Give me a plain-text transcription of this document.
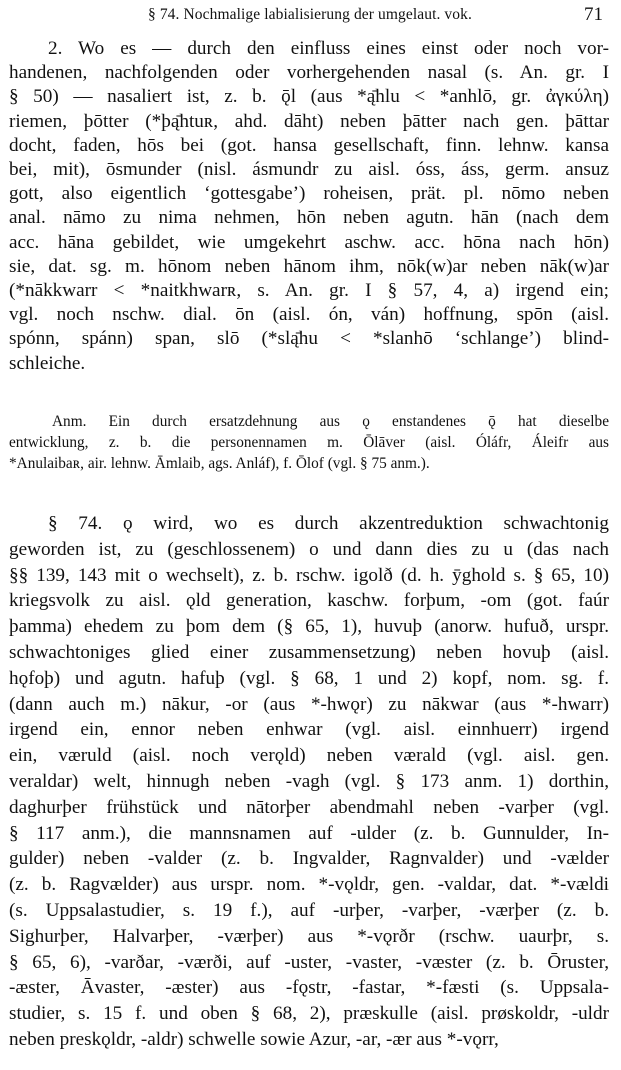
§ 74. Nochmalige labialisierung der umgelaut. vok.	71
2. Wo es — durch den einfluss eines einst oder noch vor-
handenen, nachfolgenden oder vorhergehenden nasal (s. An. gr. I
§ 50) — nasaliert ist, z. b. ǭl (aus *ą̄hlu < *anhlō, gr. ἀγκύλη)
riemen, þōtter (*þą̄htuʀ, ahd. dāht) neben þātter nach gen. þāttar
docht, faden, hōs bei (got. hansa gesellschaft, finn. lehnw. kansa
bei, mit), ōsmunder (nisl. ásmundr zu aisl. óss, áss, germ. ansuz
gott, also eigentlich ‘gottesgabe’) roheisen, prät. pl. nōmo neben
anal. nāmo zu nima nehmen, hōn neben agutn. hān (nach dem
acc. hāna gebildet, wie umgekehrt aschw. acc. hōna nach hōn)
sie, dat. sg. m. hōnom neben hānom ihm, nōk(w)ar neben nāk(w)ar
(*nākkwarr < *naitkhwarʀ, s. An. gr. I § 57, 4, a) irgend ein;
vgl. noch nschw. dial. ōn (aisl. ón, ván) hoffnung, spōn (aisl.
spónn, spánn) span, slō (*slą̄hu < *slanhō ‘schlange’) blind-
schleiche.
Anm. Ein durch ersatzdehnung aus ǫ enstandenes ǭ hat dieselbe
entwicklung, z. b. die personennamen m. Ōlāver (aisl. Óláfr, Áleifr aus
*Anulaibaʀ, air. lehnw. Āmlaib, ags. Anláf), f. Ōlof (vgl. § 75 anm.).
§ 74. ǫ wird, wo es durch akzentreduktion schwachtonig
geworden ist, zu (geschlossenem) o und dann dies zu u (das nach
§§ 139, 143 mit o wechselt), z. b. rschw. igolð (d. h. ȳghold s. § 65, 10)
kriegsvolk zu aisl. ǫld generation, kaschw. forþum, -om (got. faúr
þamma) ehedem zu þom dem (§ 65, 1), huvuþ (anorw. hufuð, urspr.
schwachtoniges glied einer zusammensetzung) neben hovuþ (aisl.
hǫfoþ) und agutn. hafuþ (vgl. § 68, 1 und 2) kopf, nom. sg. f.
(dann auch m.) nākur, -or (aus *-hwǫr) zu nākwar (aus *-hwarr)
irgend ein, ennor neben enhwar (vgl. aisl. einnhuerr) irgend
ein, væruld (aisl. noch verǫld) neben værald (vgl. aisl. gen.
veraldar) welt, hinnugh neben -vagh (vgl. § 173 anm. 1) dorthin,
daghurþer frühstück und nātorþer abendmahl neben -varþer (vgl.
§ 117 anm.), die mannsnamen auf -ulder (z. b. Gunnulder, In-
gulder) neben -valder (z. b. Ingvalder, Ragnvalder) und -vælder
(z. b. Ragvælder) aus urspr. nom. *-vǫldr, gen. -valdar, dat. *-vældi
(s. Uppsalastudier, s. 19 f.), auf -urþer, -varþer, -værþer (z. b.
Sighurþer, Halvarþer, -værþer) aus *-vǫrðr (rschw. uaurþr, s.
§ 65, 6), -varðar, -værði, auf -uster, -vaster, -væster (z. b. Ōruster,
-æster, Āvaster, -æster) aus -fǫstr, -fastar, *-fæsti (s. Uppsala-
studier, s. 15 f. und oben § 68, 2), præskulle (aisl. prøskoldr, -uldr
neben preskǫldr, -aldr) schwelle sowie Azur, -ar, -ær aus *-vǫrr,
